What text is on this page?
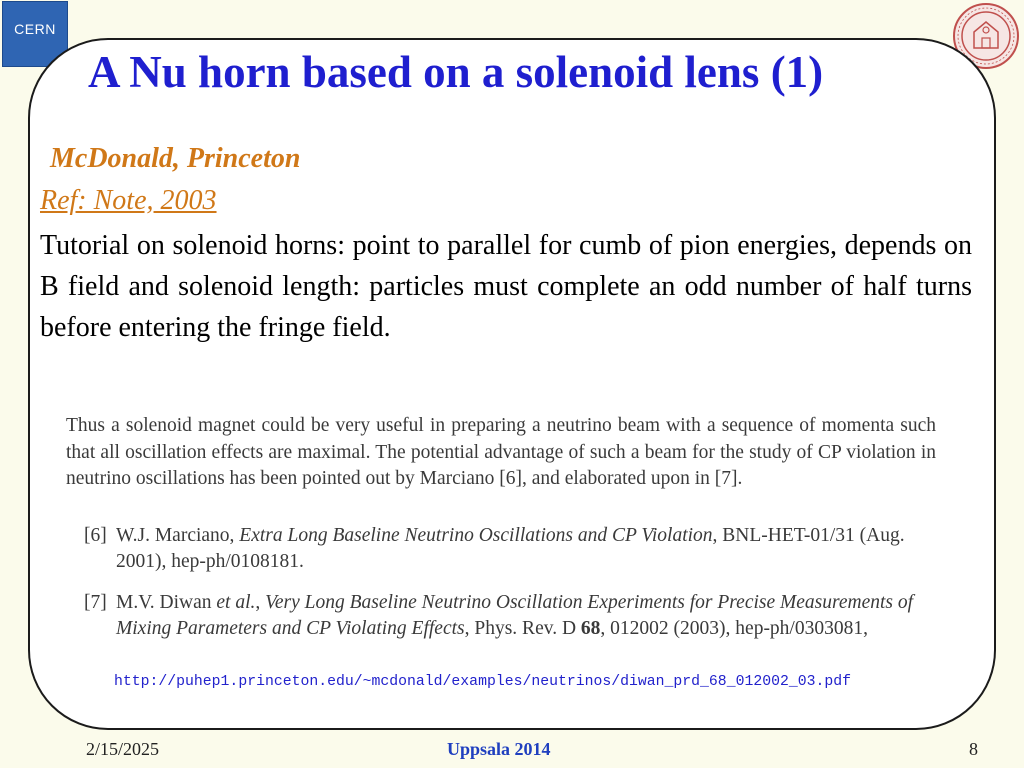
CERN
A Nu horn based on a solenoid lens (1)
McDonald, Princeton
Ref: Note, 2003

Tutorial on solenoid horns: point to parallel for cumb of pion energies, depends on B field and solenoid length: particles must complete an odd number of half turns before entering the fringe field.

Thus a solenoid magnet could be very useful in preparing a neutrino beam with a sequence of momenta such that all oscillation effects are maximal. The potential advantage of such a beam for the study of CP violation in neutrino oscillations has been pointed out by Marciano [6], and elaborated upon in [7].

[6] W.J. Marciano, Extra Long Baseline Neutrino Oscillations and CP Violation, BNL-HET-01/31 (Aug. 2001), hep-ph/0108181.
[7] M.V. Diwan et al., Very Long Baseline Neutrino Oscillation Experiments for Precise Measurements of Mixing Parameters and CP Violating Effects, Phys. Rev. D 68, 012002 (2003), hep-ph/0303081,
http://puhep1.princeton.edu/~mcdonald/examples/neutrinos/diwan_prd_68_012002_03.pdf
2/15/2025	Uppsala 2014	8
